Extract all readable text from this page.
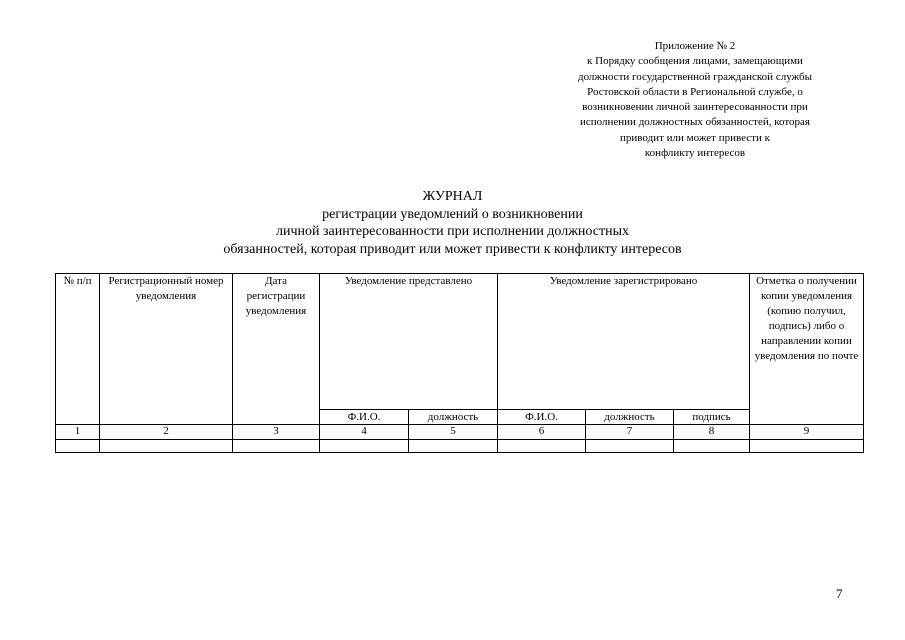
Приложение № 2
к Порядку сообщения лицами, замещающими
должности государственной гражданской службы
Ростовской области в Региональной службе, о
возникновении личной заинтересованности при
исполнении должностных обязанностей, которая
приводит или может привести к
конфликту интересов
ЖУРНАЛ
регистрации уведомлений о возникновении
личной заинтересованности при исполнении должностных
обязанностей, которая приводит или может привести к конфликту интересов
№ п/п	Регистрационный номер уведомления	Дата регистрации уведомления	Уведомление представлено		Уведомление зарегистрировано			Отметка о получении копии уведомления (копию получил, подпись) либо о направлении копии уведомления по почте
			Ф.И.О.	должность	Ф.И.О.	должность	подпись	
1	2	3	4	5	6	7	8	9

7
